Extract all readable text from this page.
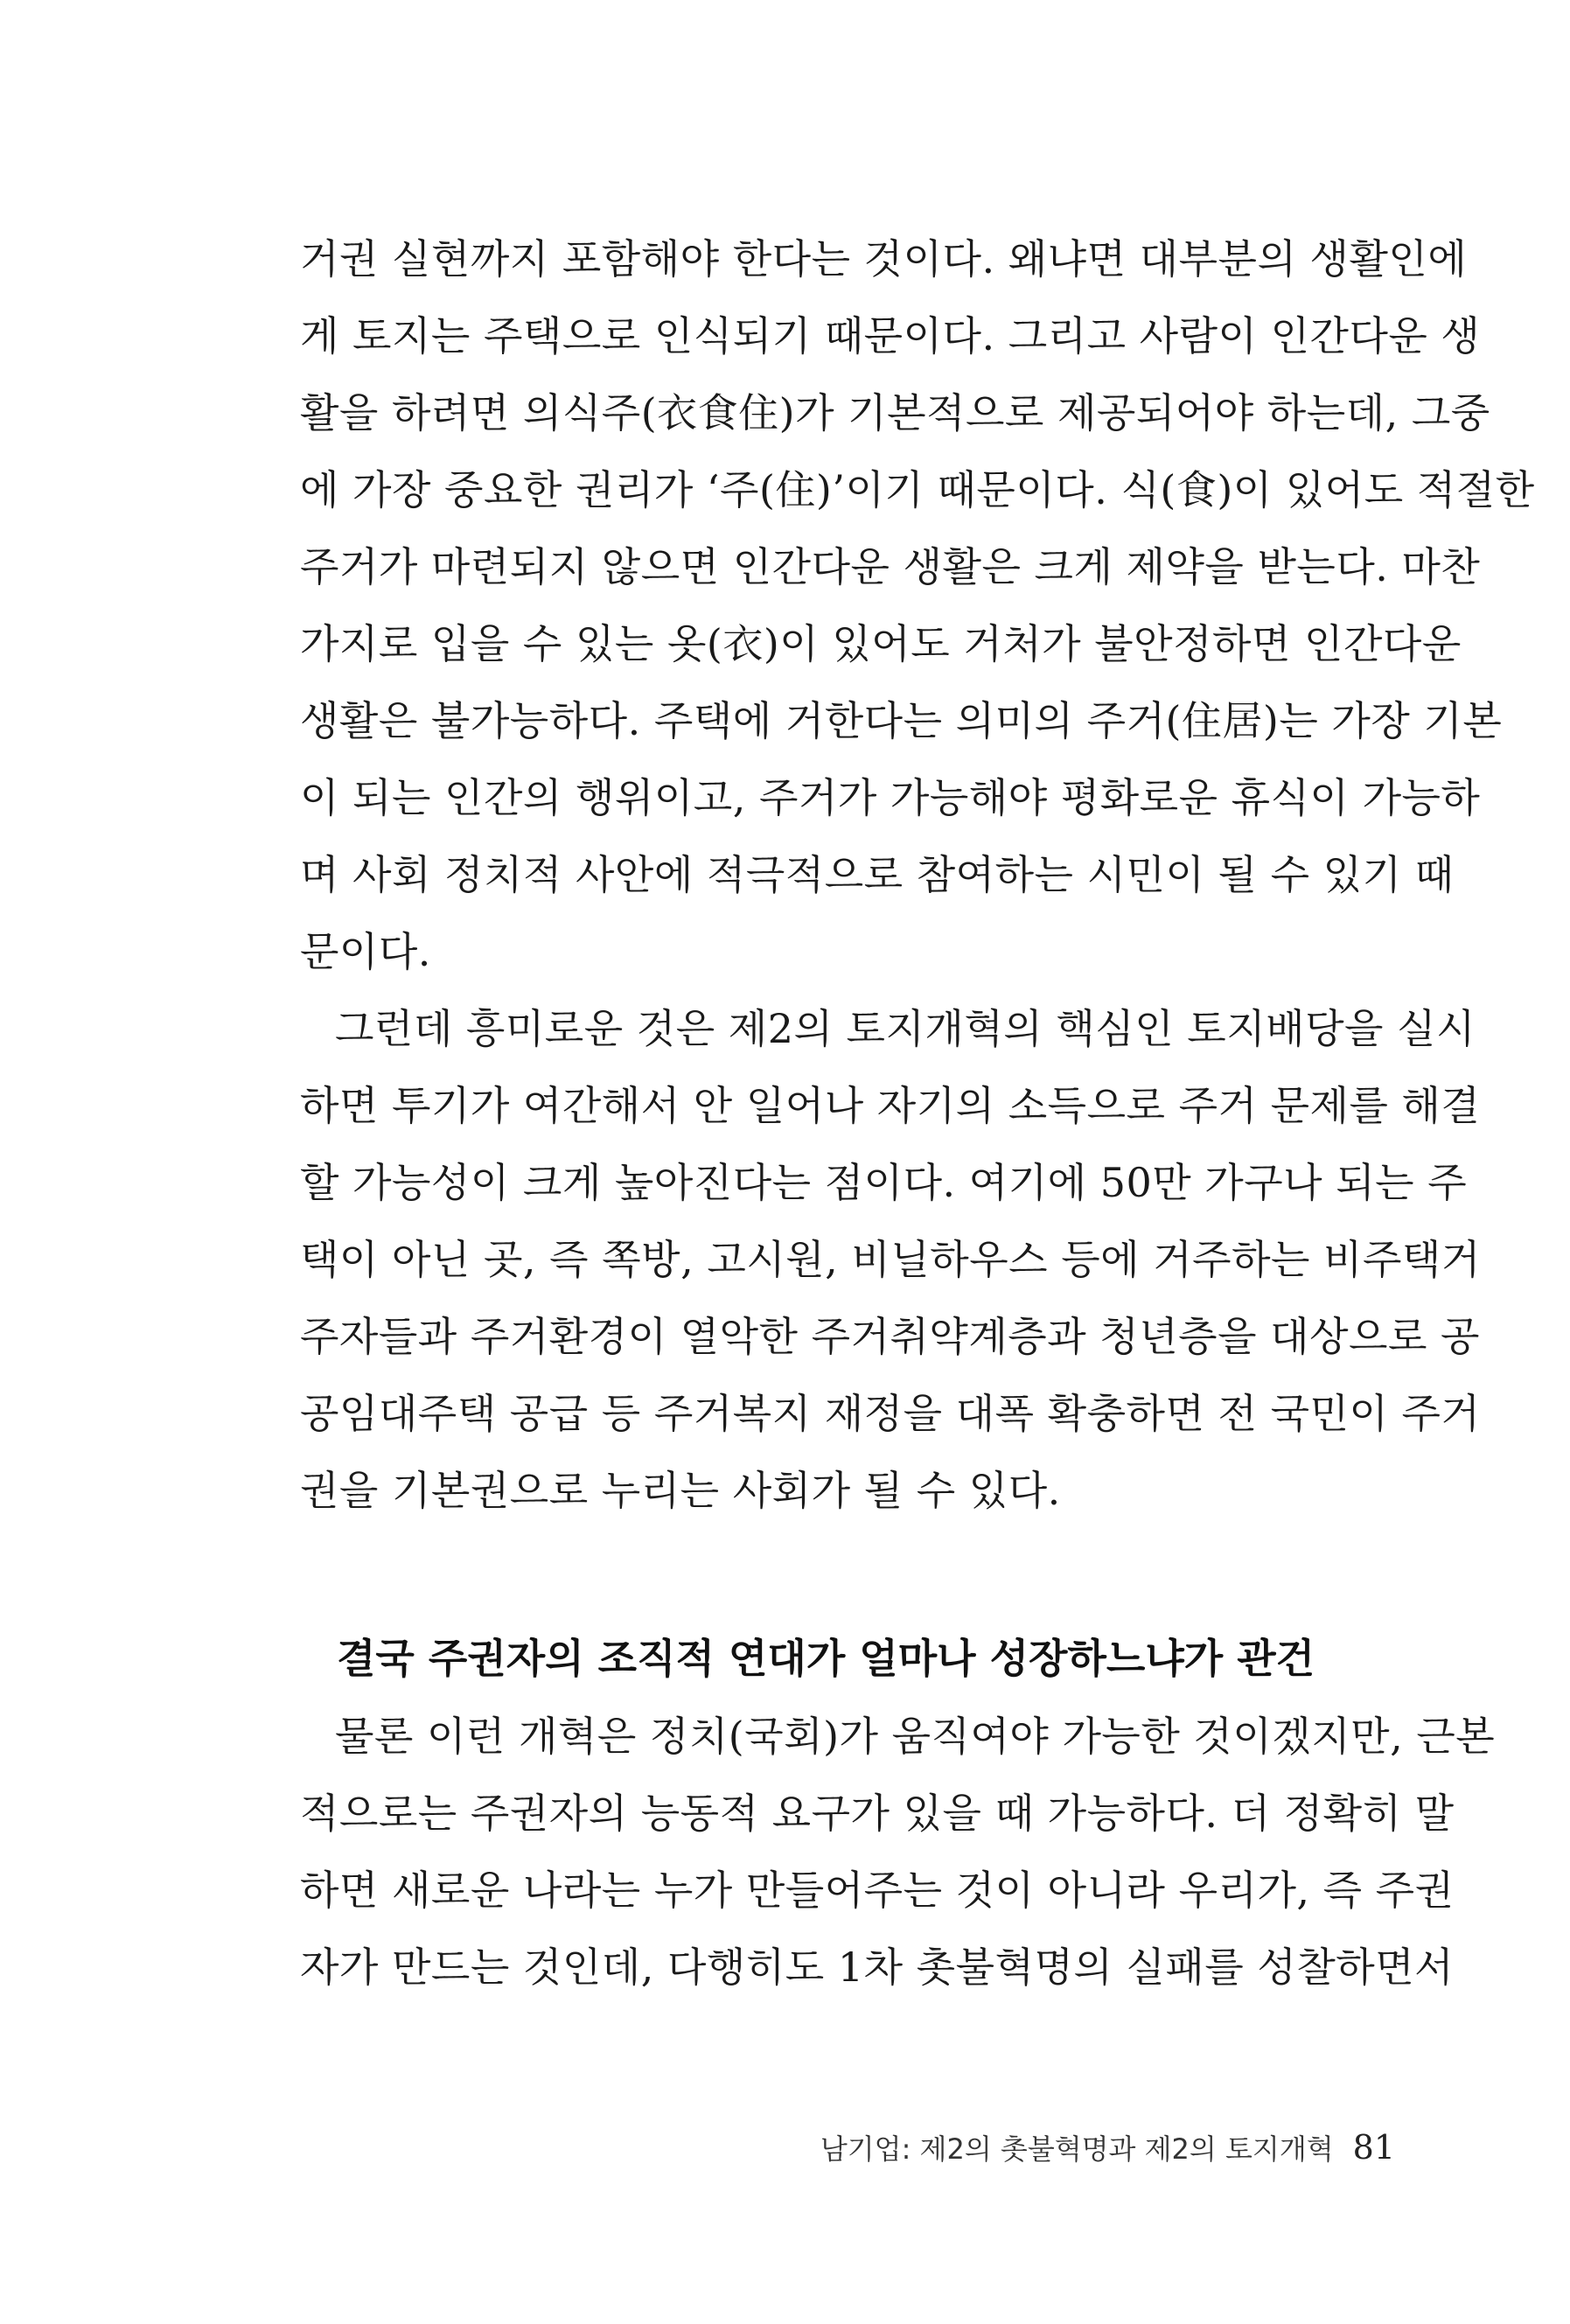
거권 실현까지 포함해야 한다는 것이다. 왜냐면 대부분의 생활인에
게 토지는 주택으로 인식되기 때문이다. 그리고 사람이 인간다운 생
활을 하려면 의식주(衣食住)가 기본적으로 제공되어야 하는데, 그중
에 가장 중요한 권리가 ‘주(住)’이기 때문이다. 식(食)이 있어도 적절한
주거가 마련되지 않으면 인간다운 생활은 크게 제약을 받는다. 마찬
가지로 입을 수 있는 옷(衣)이 있어도 거처가 불안정하면 인간다운
생활은 불가능하다. 주택에 거한다는 의미의 주거(住居)는 가장 기본
이 되는 인간의 행위이고, 주거가 가능해야 평화로운 휴식이 가능하
며 사회 정치적 사안에 적극적으로 참여하는 시민이 될 수 있기 때
문이다.
그런데 흥미로운 것은 제2의 토지개혁의 핵심인 토지배당을 실시
하면 투기가 여간해서 안 일어나 자기의 소득으로 주거 문제를 해결
할 가능성이 크게 높아진다는 점이다. 여기에 50만 가구나 되는 주
택이 아닌 곳, 즉 쪽방, 고시원, 비닐하우스 등에 거주하는 비주택거
주자들과 주거환경이 열악한 주거취약계층과 청년층을 대상으로 공
공임대주택 공급 등 주거복지 재정을 대폭 확충하면 전 국민이 주거
권을 기본권으로 누리는 사회가 될 수 있다.
결국 주권자의 조직적 연대가 얼마나 성장하느냐가 관건
물론 이런 개혁은 정치(국회)가 움직여야 가능한 것이겠지만, 근본
적으로는 주권자의 능동적 요구가 있을 때 가능하다. 더 정확히 말
하면 새로운 나라는 누가 만들어주는 것이 아니라 우리가, 즉 주권
자가 만드는 것인데, 다행히도 1차 촛불혁명의 실패를 성찰하면서
남기업: 제2의 촛불혁명과 제2의 토지개혁 81
